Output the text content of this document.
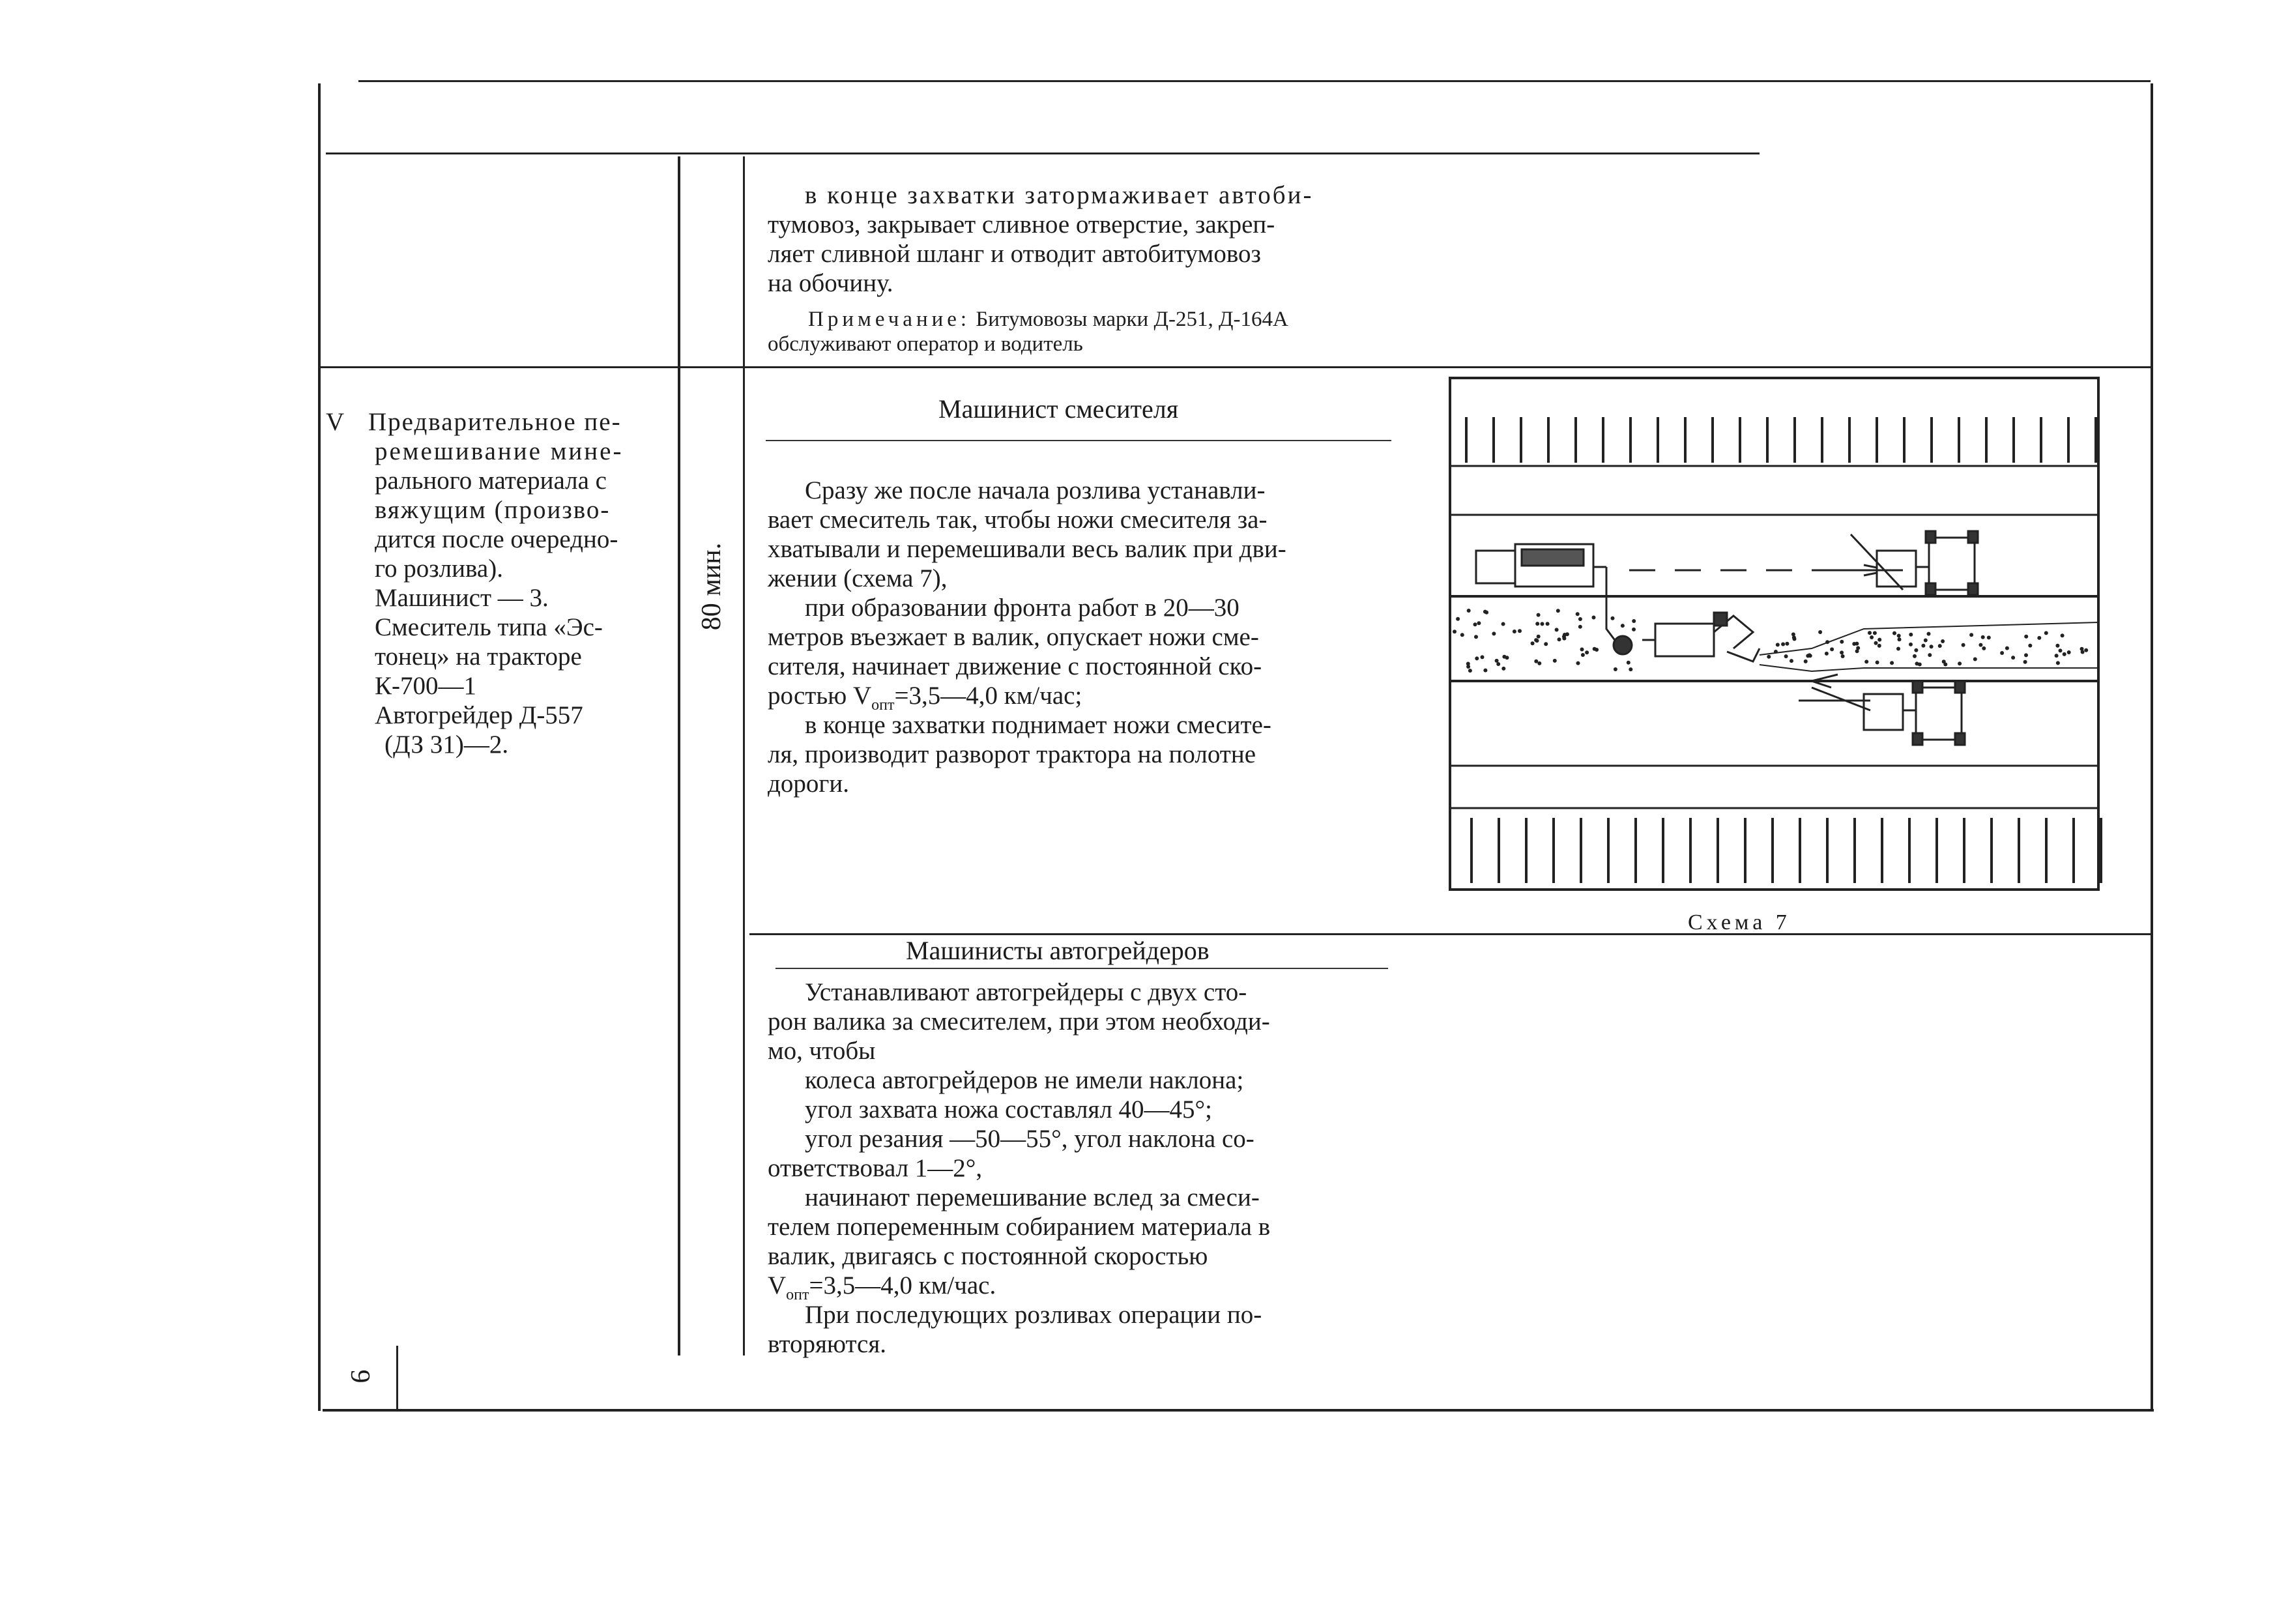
в конце захватки затормаживает автоби-
тумовоз, закрывает сливное отверстие, закреп-
ляет сливной шланг и отводит автобитумовоз
на обочину.
Примечание: Битумовозы марки Д-251, Д-164А
обслуживают оператор и водитель
V Предварительное пе-
ремешивание мине-
рального материала с
вяжущим (произво-
дится после очередно-
го розлива).
Машинист — 3.
Смеситель типа «Эс-
тонец» на тракторе
К-700—1
Автогрейдер Д-557
(ДЗ 31)—2.
80 мин.
Машинист смесителя
Сразу же после начала розлива устанавли-
вает смеситель так, чтобы ножи смесителя за-
хватывали и перемешивали весь валик при дви-
жении (схема 7),
при образовании фронта работ в 20—30
метров въезжает в валик, опускает ножи сме-
сителя, начинает движение с постоянной ско-
ростью $V_{опт}=3,5—4,0$ км/час;
в конце захватки поднимает ножи смесите-
ля, производит разворот трактора на полотне
дороги.
Схема 7
Машинисты автогрейдеров
Устанавливают автогрейдеры с двух сто-
рон валика за смесителем, при этом необходи-
мо, чтобы
колеса автогрейдеров не имели наклона;
угол захвата ножа составлял 40—45°;
угол резания —50—55°, угол наклона со-
ответствовал 1—2°,
начинают перемешивание вслед за смеси-
телем попеременным собиранием материала в
валик, двигаясь с постоянной скоростью
$V_{опт}=3,5—4,0$ км/час.
При последующих розливах операции по-
вторяются.
9
